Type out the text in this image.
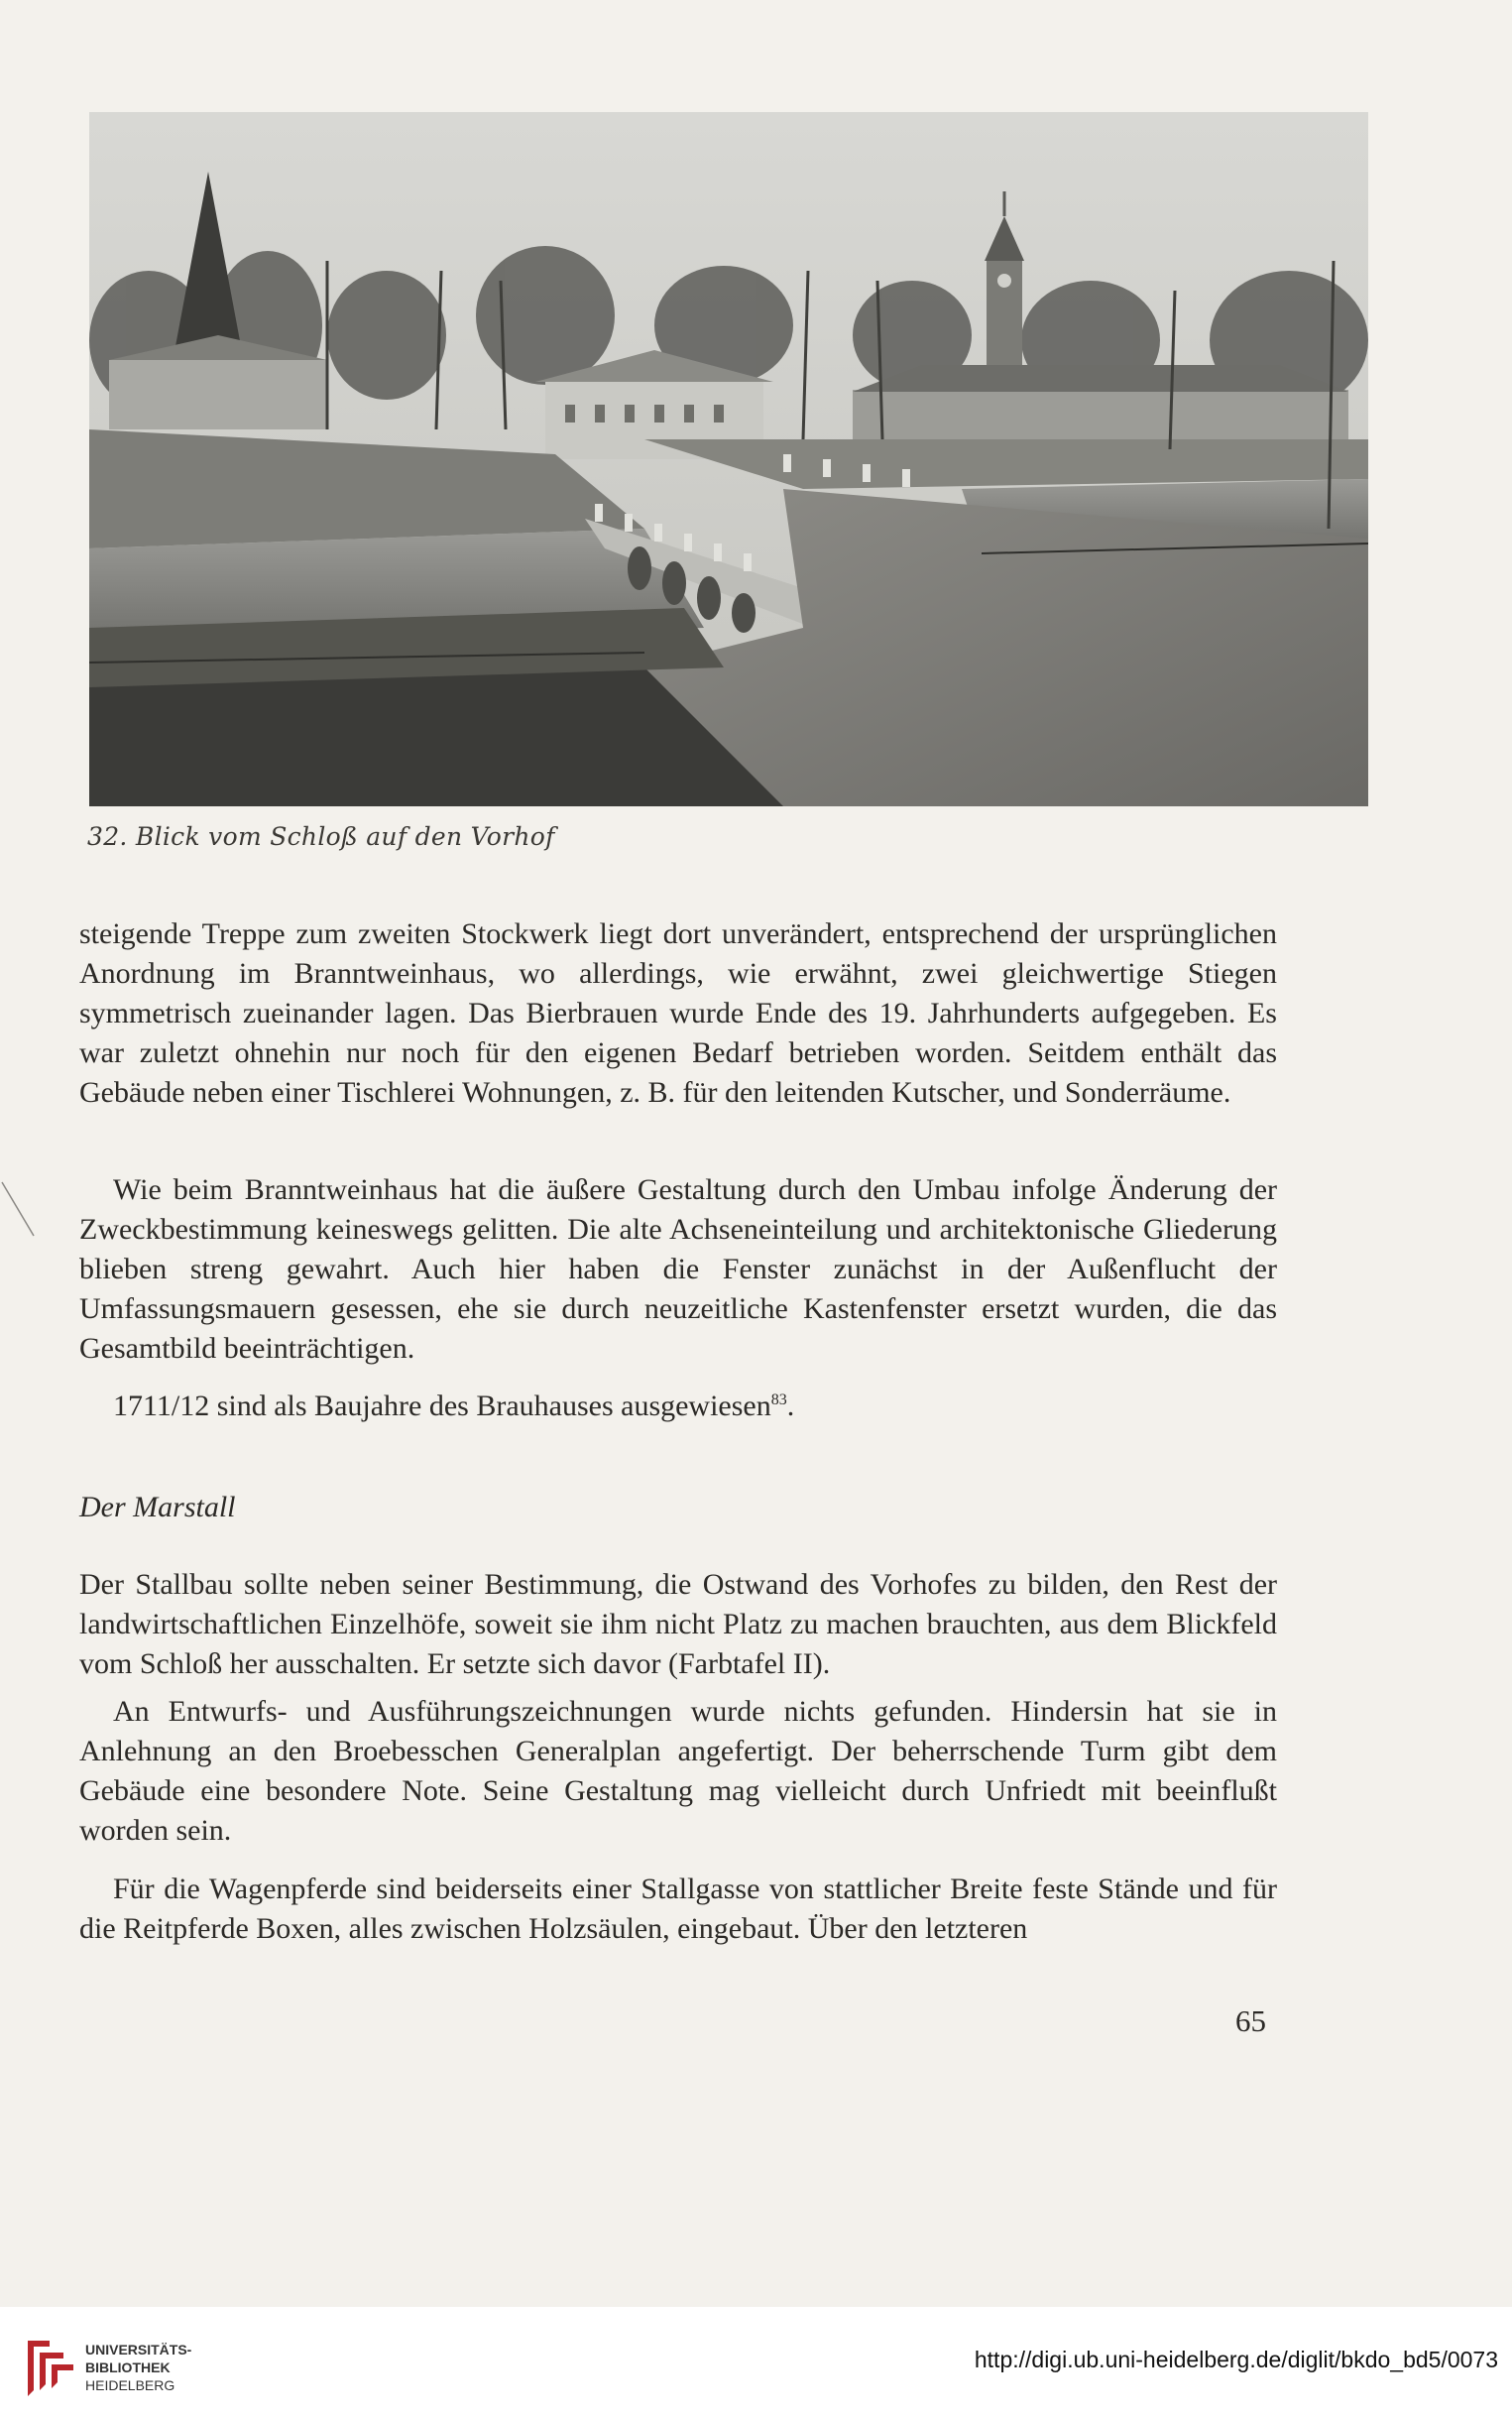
32. Blick vom Schloß auf den Vorhof

steigende Treppe zum zweiten Stockwerk liegt dort unverändert, entsprechend der ursprünglichen Anordnung im Branntweinhaus, wo allerdings, wie erwähnt, zwei gleichwertige Stiegen symmetrisch zueinander lagen. Das Bierbrauen wurde Ende des 19. Jahrhunderts aufgegeben. Es war zuletzt ohnehin nur noch für den eigenen Bedarf betrieben worden. Seitdem enthält das Gebäude neben einer Tischlerei Wohnungen, z. B. für den leitenden Kutscher, und Sonderräume.

Wie beim Branntweinhaus hat die äußere Gestaltung durch den Umbau infolge Änderung der Zweckbestimmung keineswegs gelitten. Die alte Achseneinteilung und architektonische Gliederung blieben streng gewahrt. Auch hier haben die Fenster zunächst in der Außenflucht der Umfassungsmauern gesessen, ehe sie durch neuzeitliche Kastenfenster ersetzt wurden, die das Gesamtbild beeinträchtigen.

1711/12 sind als Baujahre des Brauhauses ausgewiesen$^{83}$.

Der Marstall

Der Stallbau sollte neben seiner Bestimmung, die Ostwand des Vorhofes zu bilden, den Rest der landwirtschaftlichen Einzelhöfe, soweit sie ihm nicht Platz zu machen brauchten, aus dem Blickfeld vom Schloß her ausschalten. Er setzte sich davor (Farbtafel II).

An Entwurfs- und Ausführungszeichnungen wurde nichts gefunden. Hindersin hat sie in Anlehnung an den Broebesschen Generalplan angefertigt. Der beherrschende Turm gibt dem Gebäude eine besondere Note. Seine Gestaltung mag vielleicht durch Unfriedt mit beeinflußt worden sein.

Für die Wagenpferde sind beiderseits einer Stallgasse von stattlicher Breite feste Stände und für die Reitpferde Boxen, alles zwischen Holzsäulen, eingebaut. Über den letzteren

65
UNIVERSITÄTS-
BIBLIOTHEK
HEIDELBERG
http://digi.ub.uni-heidelberg.de/diglit/bkdo_bd5/0073
